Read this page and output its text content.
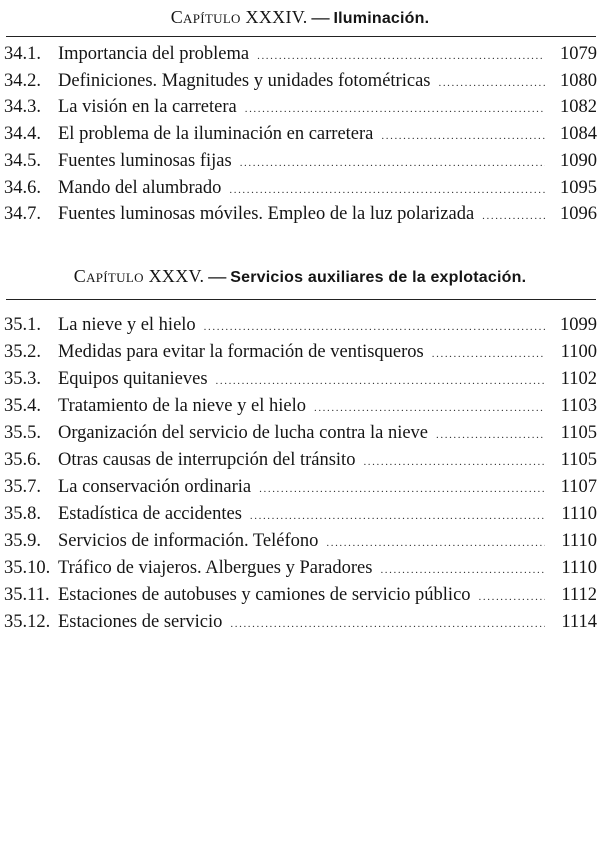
Capítulo XXXIV. — Iluminación.
34.1. Importancia del problema .....	1079
34.2. Definiciones. Magnitudes y unidades fotométricas .....	1080
34.3. La visión en la carretera .....	1082
34.4. El problema de la iluminación en carretera .....	1084
34.5. Fuentes luminosas fijas .....	1090
34.6. Mando del alumbrado .....	1095
34.7. Fuentes luminosas móviles. Empleo de la luz polarizada .....	1096
Capítulo XXXV. — Servicios auxiliares de la explotación.
35.1. La nieve y el hielo .....	1099
35.2. Medidas para evitar la formación de ventisqueros .....	1100
35.3. Equipos quitanieves .....	1102
35.4. Tratamiento de la nieve y el hielo .....	1103
35.5. Organización del servicio de lucha contra la nieve .....	1105
35.6. Otras causas de interrupción del tránsito .....	1105
35.7. La conservación ordinaria .....	1107
35.8. Estadística de accidentes .....	1110
35.9. Servicios de información. Teléfono .....	1110
35.10. Tráfico de viajeros. Albergues y Paradores .....	1110
35.11. Estaciones de autobuses y camiones de servicio público .....	1112
35.12. Estaciones de servicio .....	1114
